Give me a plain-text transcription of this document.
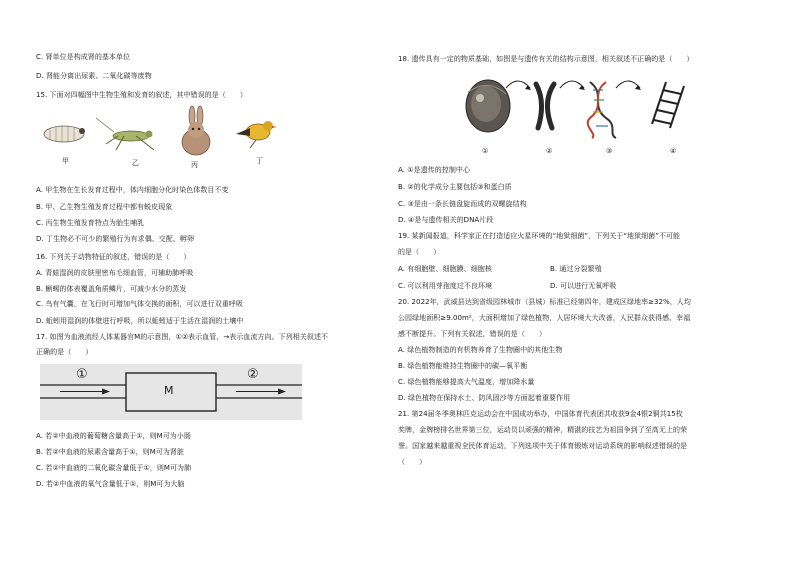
C. 肾单位是构成肾的基本单位
D. 肾能分离出尿素、二氧化碳等废物
15. 下面对四幅图中生物生殖和发育的叙述，其中错误的是（　　）
甲	乙	丙	丁
A. 甲生物在生长发育过程中，体内细胞分化时染色体数目不变
B. 甲、乙生物生殖发育过程中都有蜕皮现象
C. 丙生物生殖发育特点为胎生哺乳
D. 丁生物必不可少的繁殖行为有求偶、交配、孵卵
16. 下列关于动物特征的叙述，错误的是（　　）
A. 青蛙湿润的皮肤里密布毛细血管，可辅助肺呼吸
B. 蜥蜴的体表覆盖角质鳞片，可减少水分的蒸发
C. 鸟有气囊，在飞行时可增加气体交换的面积，可以进行双重呼吸
D. 蚯蚓用湿润的体壁进行呼吸，所以蚯蚓适于生活在湿润的土壤中
17. 如图为血液流经人体某器官M的示意图，①②表示血管，→表示血流方向。下列相关叙述不
正确的是（　　）
①
M
②
A. 若②中血液的葡萄糖含量高于①，则M可为小肠
B. 若②中血液的尿素含量高于①，则M可为肾脏
C. 若②中血液的二氧化碳含量低于①，则M可为肺
D. 若②中血液的氧气含量低于①，则M可为大脑
18. 遗传具有一定的物质基础，如图是与遗传有关的结构示意图，相关叙述不正确的是（　　）
①	②	③	④
A. ①是遗传的控制中心
B. ②的化学成分主要包括③和蛋白质
C. ③是由一条长链盘旋而成的双螺旋结构
D. ④是与遗传相关的DNA片段
19. 某新闻报道，科学家正在打造适应火星环境的“地狱细菌”，下列关于“地狱细菌”不可能
的是（　　）
A. 有细胞壁、细胞膜、细胞核	B. 通过分裂繁殖
C. 可以利用芽孢度过不良环境	D. 可以进行无氧呼吸
20. 2022年，武威县达到省级园林城市（县城）标准已经第四年，建成区绿地率≥32%，人均
公园绿地面积≥9.00m²，大面积增加了绿色植物，人居环境大大改善，人民群众获得感、幸福
感不断提升。下列有关叙述，错误的是（　　）
A. 绿色植物制造的有机物养育了生物圈中的其他生物
B. 绿色植物能维持生物圈中的碳—氧平衡
C. 绿色植物能够提高大气温度，增加降水量
D. 绿色植物在保持水土、防风固沙等方面起着重要作用
21. 第24届冬季奥林匹克运动会在中国成功举办，中国体育代表团共收获9金4银2铜共15枚
奖牌，金牌榜排名世界第三位，运动员以顽强的精神，精湛的技艺为祖国争到了至高无上的荣
誉。国家越来越重视全民体育运动，下列选项中关于体育锻炼对运动系统的影响叙述错误的是
（　　）
